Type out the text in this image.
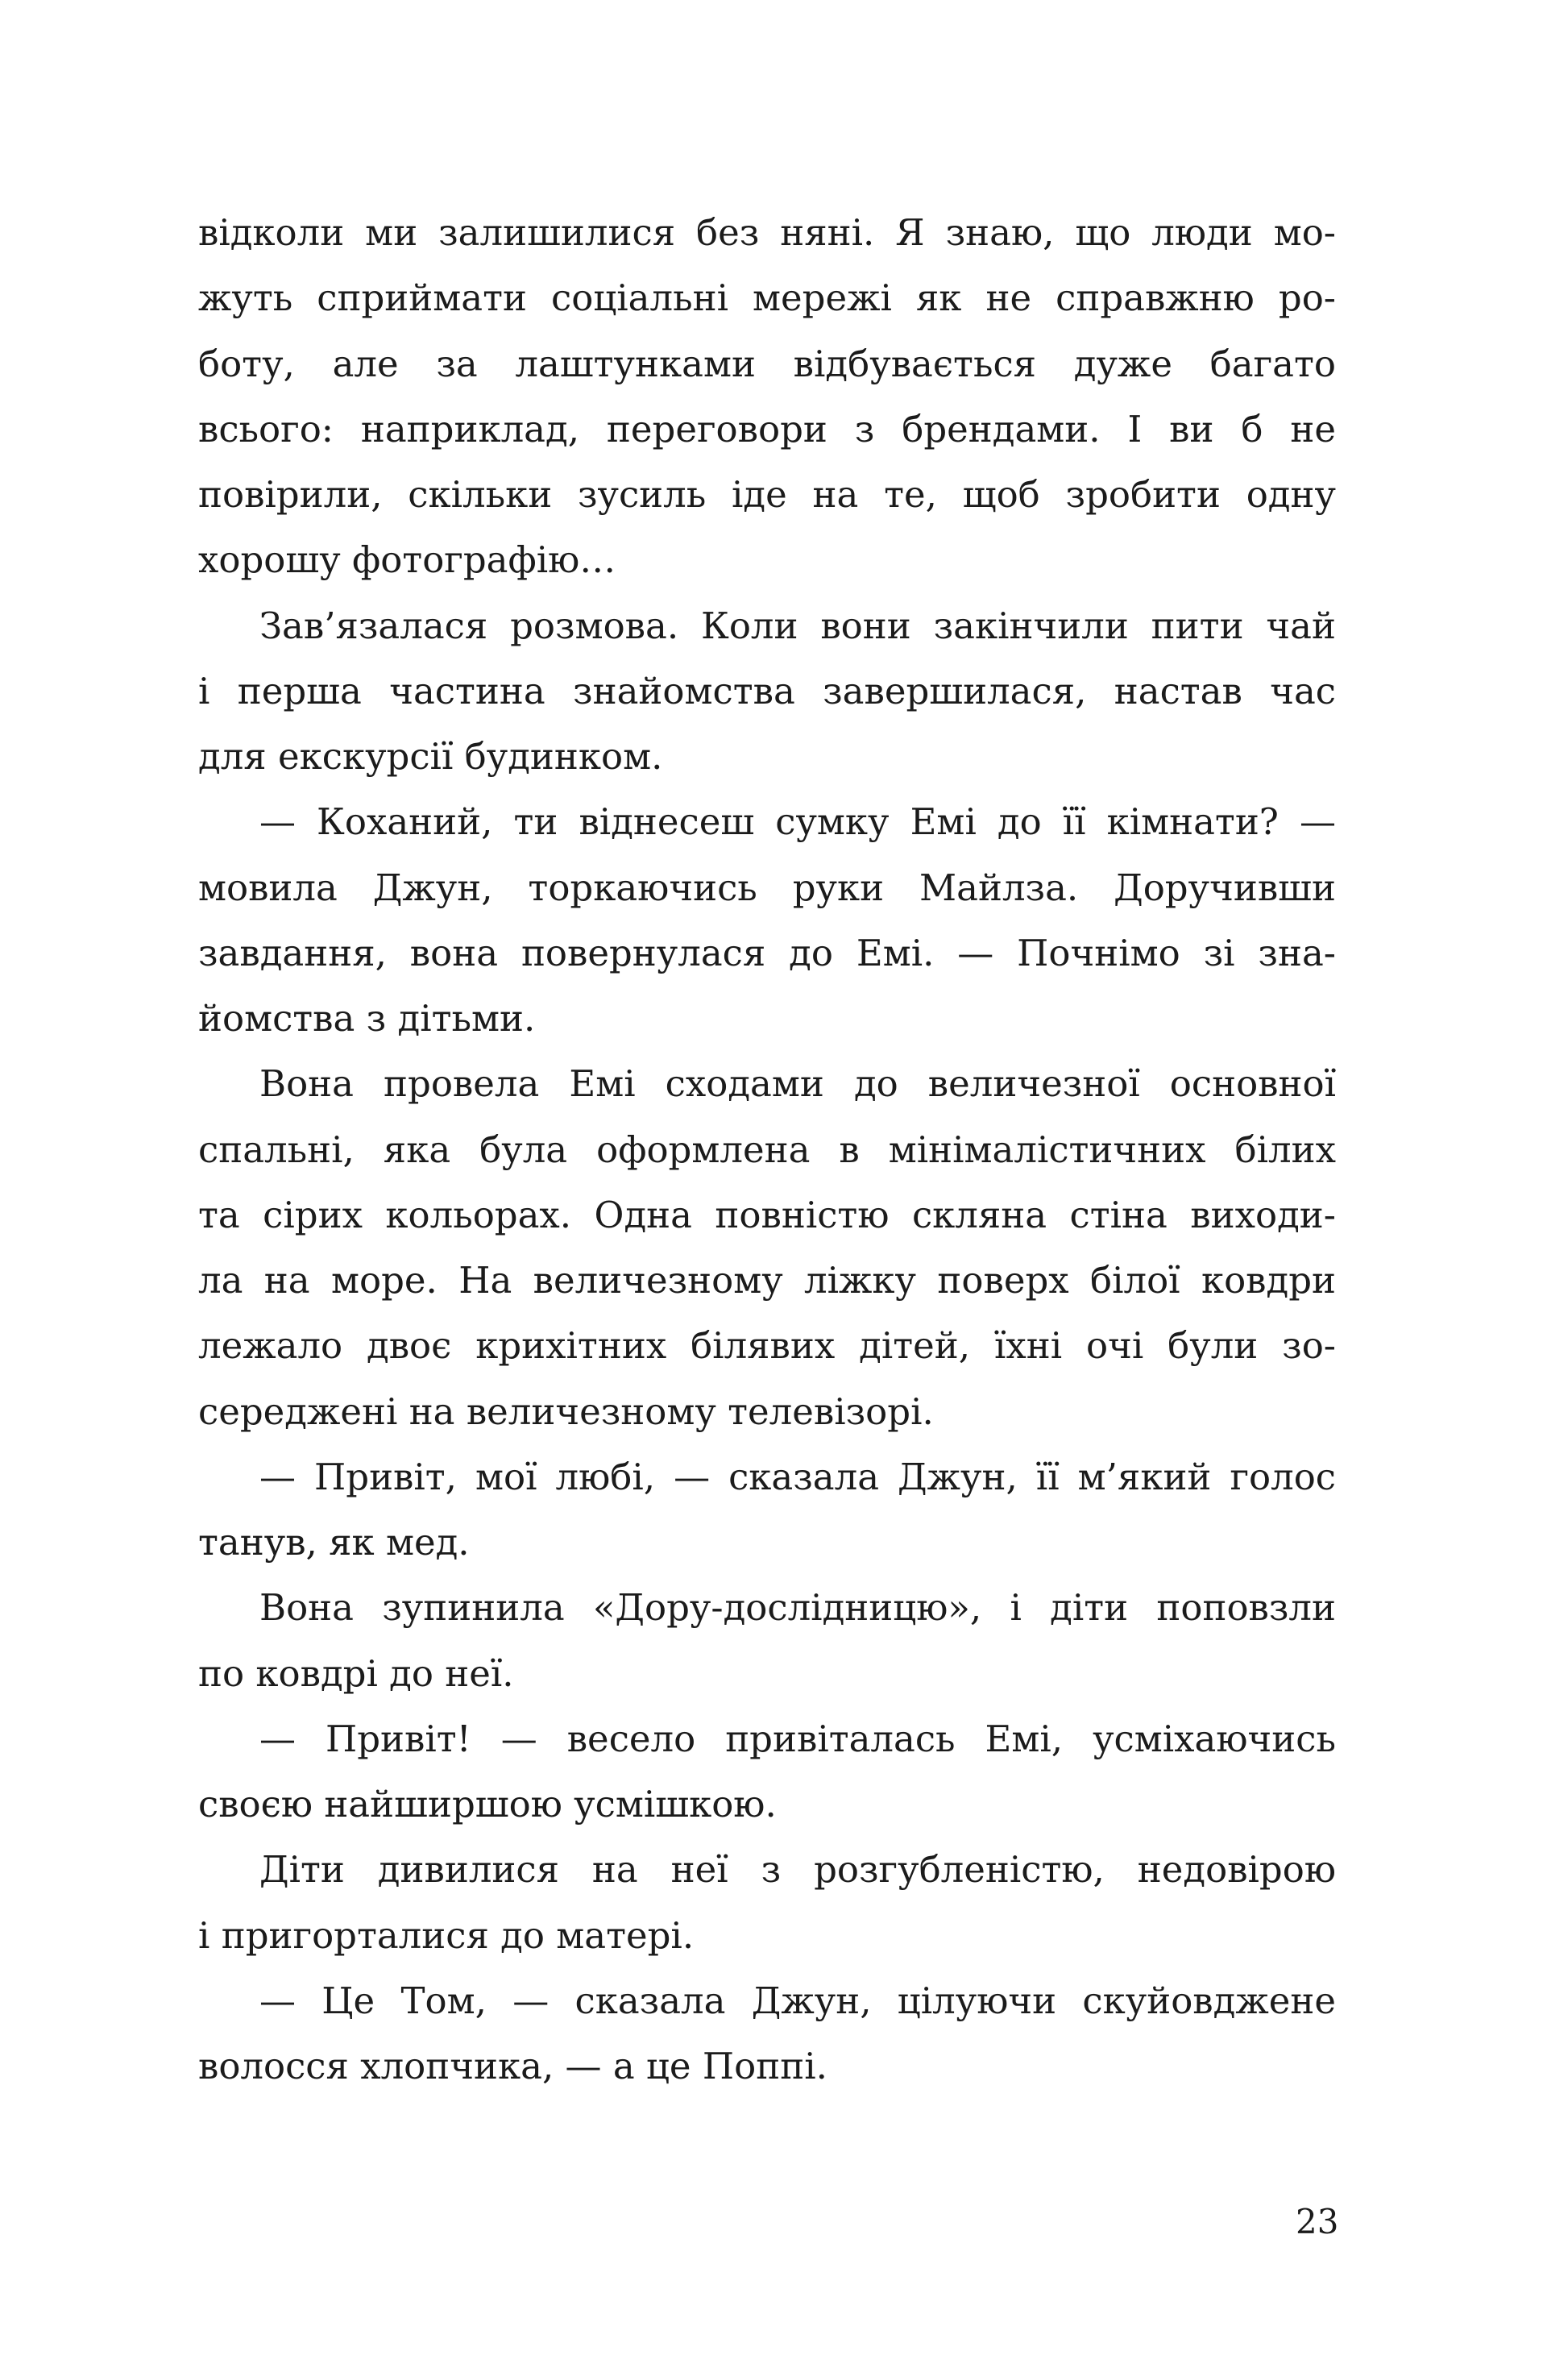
відколи ми залишилися без няні. Я знаю, що люди мо-
жуть сприймати соціальні мережі як не справжню ро-
боту, але за лаштунками відбувається дуже багато
всього: наприклад, переговори з брендами. І ви б не
повірили, скільки зусиль іде на те, щоб зробити одну
хорошу фотографію…
Зав’язалася розмова. Коли вони закінчили пити чай
і перша частина знайомства завершилася, настав час
для екскурсії будинком.
— Коханий, ти віднесеш сумку Емі до її кімнати? —
мовила Джун, торкаючись руки Майлза. Доручивши
завдання, вона повернулася до Емі. — Почнімо зі зна-
йомства з дітьми.
Вона провела Емі сходами до величезної основної
спальні, яка була оформлена в мінімалістичних білих
та сірих кольорах. Одна повністю скляна стіна виходи-
ла на море. На величезному ліжку поверх білої ковдри
лежало двоє крихітних білявих дітей, їхні очі були зо-
середжені на величезному телевізорі.
— Привіт, мої любі, — сказала Джун, її м’який голос
танув, як мед.
Вона зупинила «Дору-дослідницю», і діти поповзли
по ковдрі до неї.
— Привіт! — весело привіталась Емі, усміхаючись
своєю найширшою усмішкою.
Діти дивилися на неї з розгубленістю, недовірою
і пригорталися до матері.
— Це Том, — сказала Джун, цілуючи скуйовджене
волосся хлопчика, — а це Поппі.
23
